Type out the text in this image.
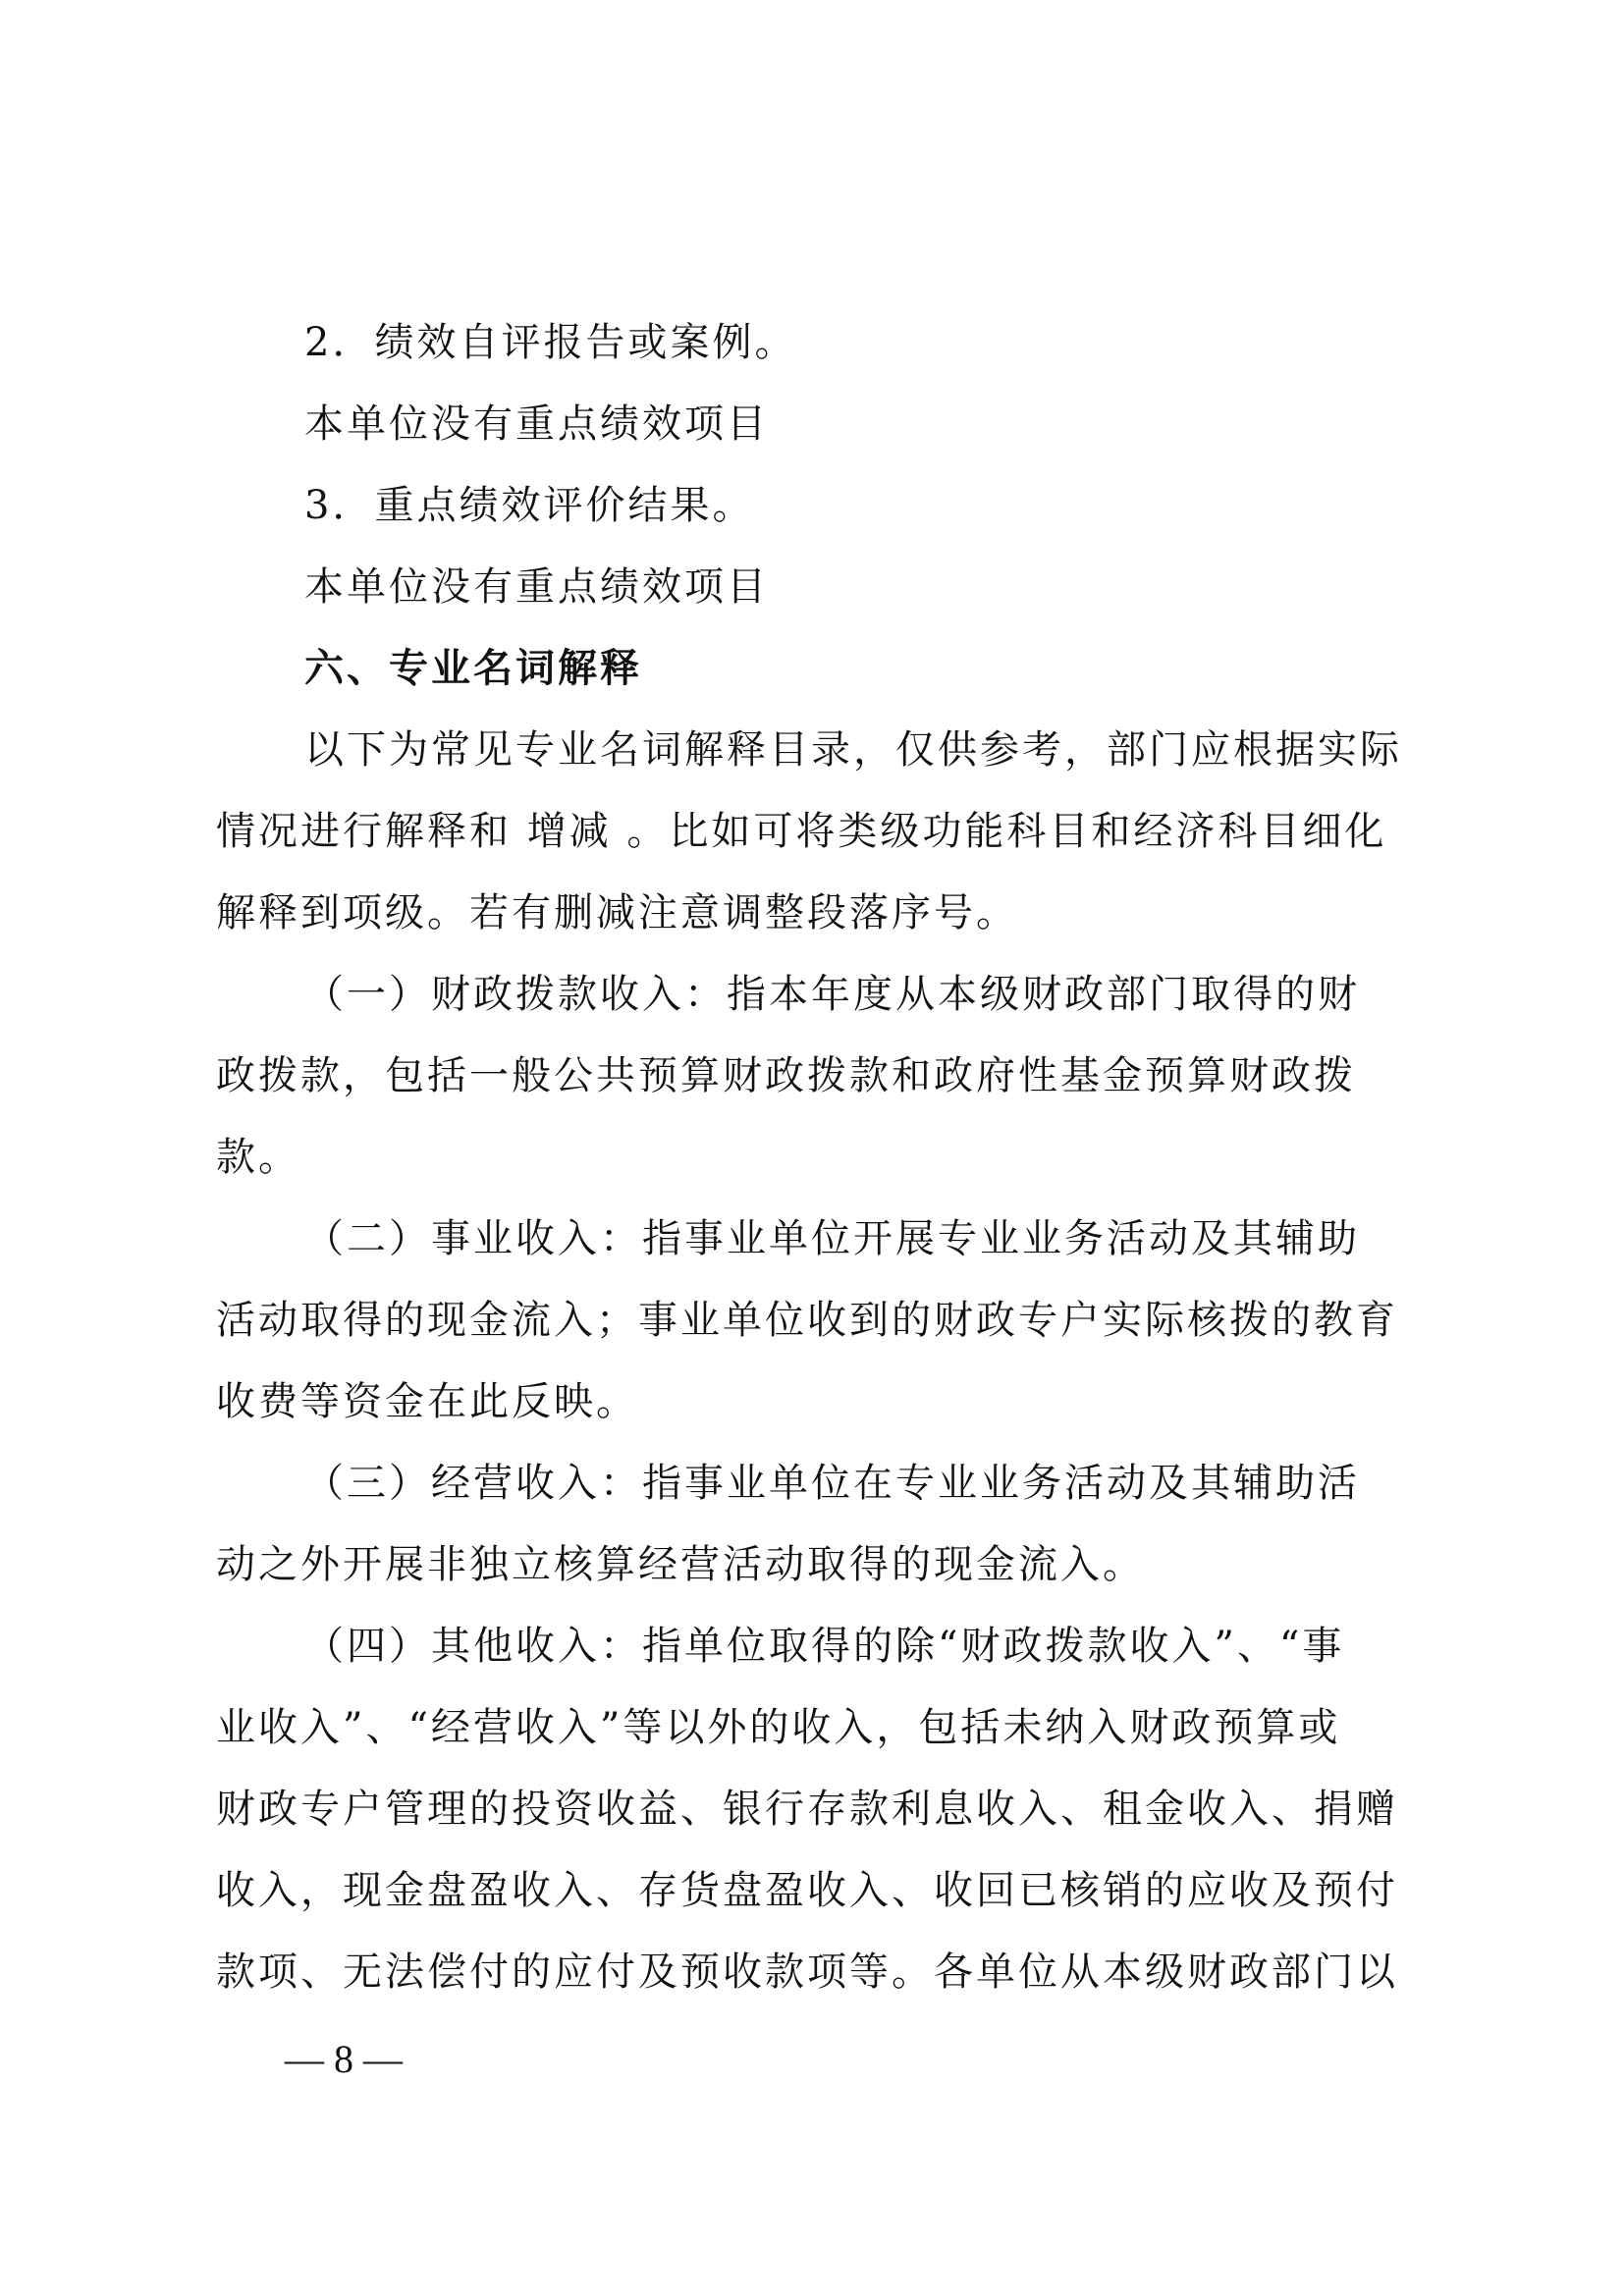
2．绩效自评报告或案例。

本单位没有重点绩效项目

3．重点绩效评价结果。

本单位没有重点绩效项目

六、专业名词解释

以下为常见专业名词解释目录，仅供参考，部门应根据实际

情况进行解释和 增减 。比如可将类级功能科目和经济科目细化

解释到项级。若有删减注意调整段落序号。

（一）财政拨款收入：指本年度从本级财政部门取得的财

政拨款，包括一般公共预算财政拨款和政府性基金预算财政拨

款。

（二）事业收入：指事业单位开展专业业务活动及其辅助

活动取得的现金流入；事业单位收到的财政专户实际核拨的教育

收费等资金在此反映。

（三）经营收入：指事业单位在专业业务活动及其辅助活

动之外开展非独立核算经营活动取得的现金流入。

（四）其他收入：指单位取得的除“财政拨款收入”、“事

业收入”、“经营收入”等以外的收入，包括未纳入财政预算或

财政专户管理的投资收益、银行存款利息收入、租金收入、捐赠

收入，现金盘盈收入、存货盘盈收入、收回已核销的应收及预付

款项、无法偿付的应付及预收款项等。各单位从本级财政部门以

— 8 —
